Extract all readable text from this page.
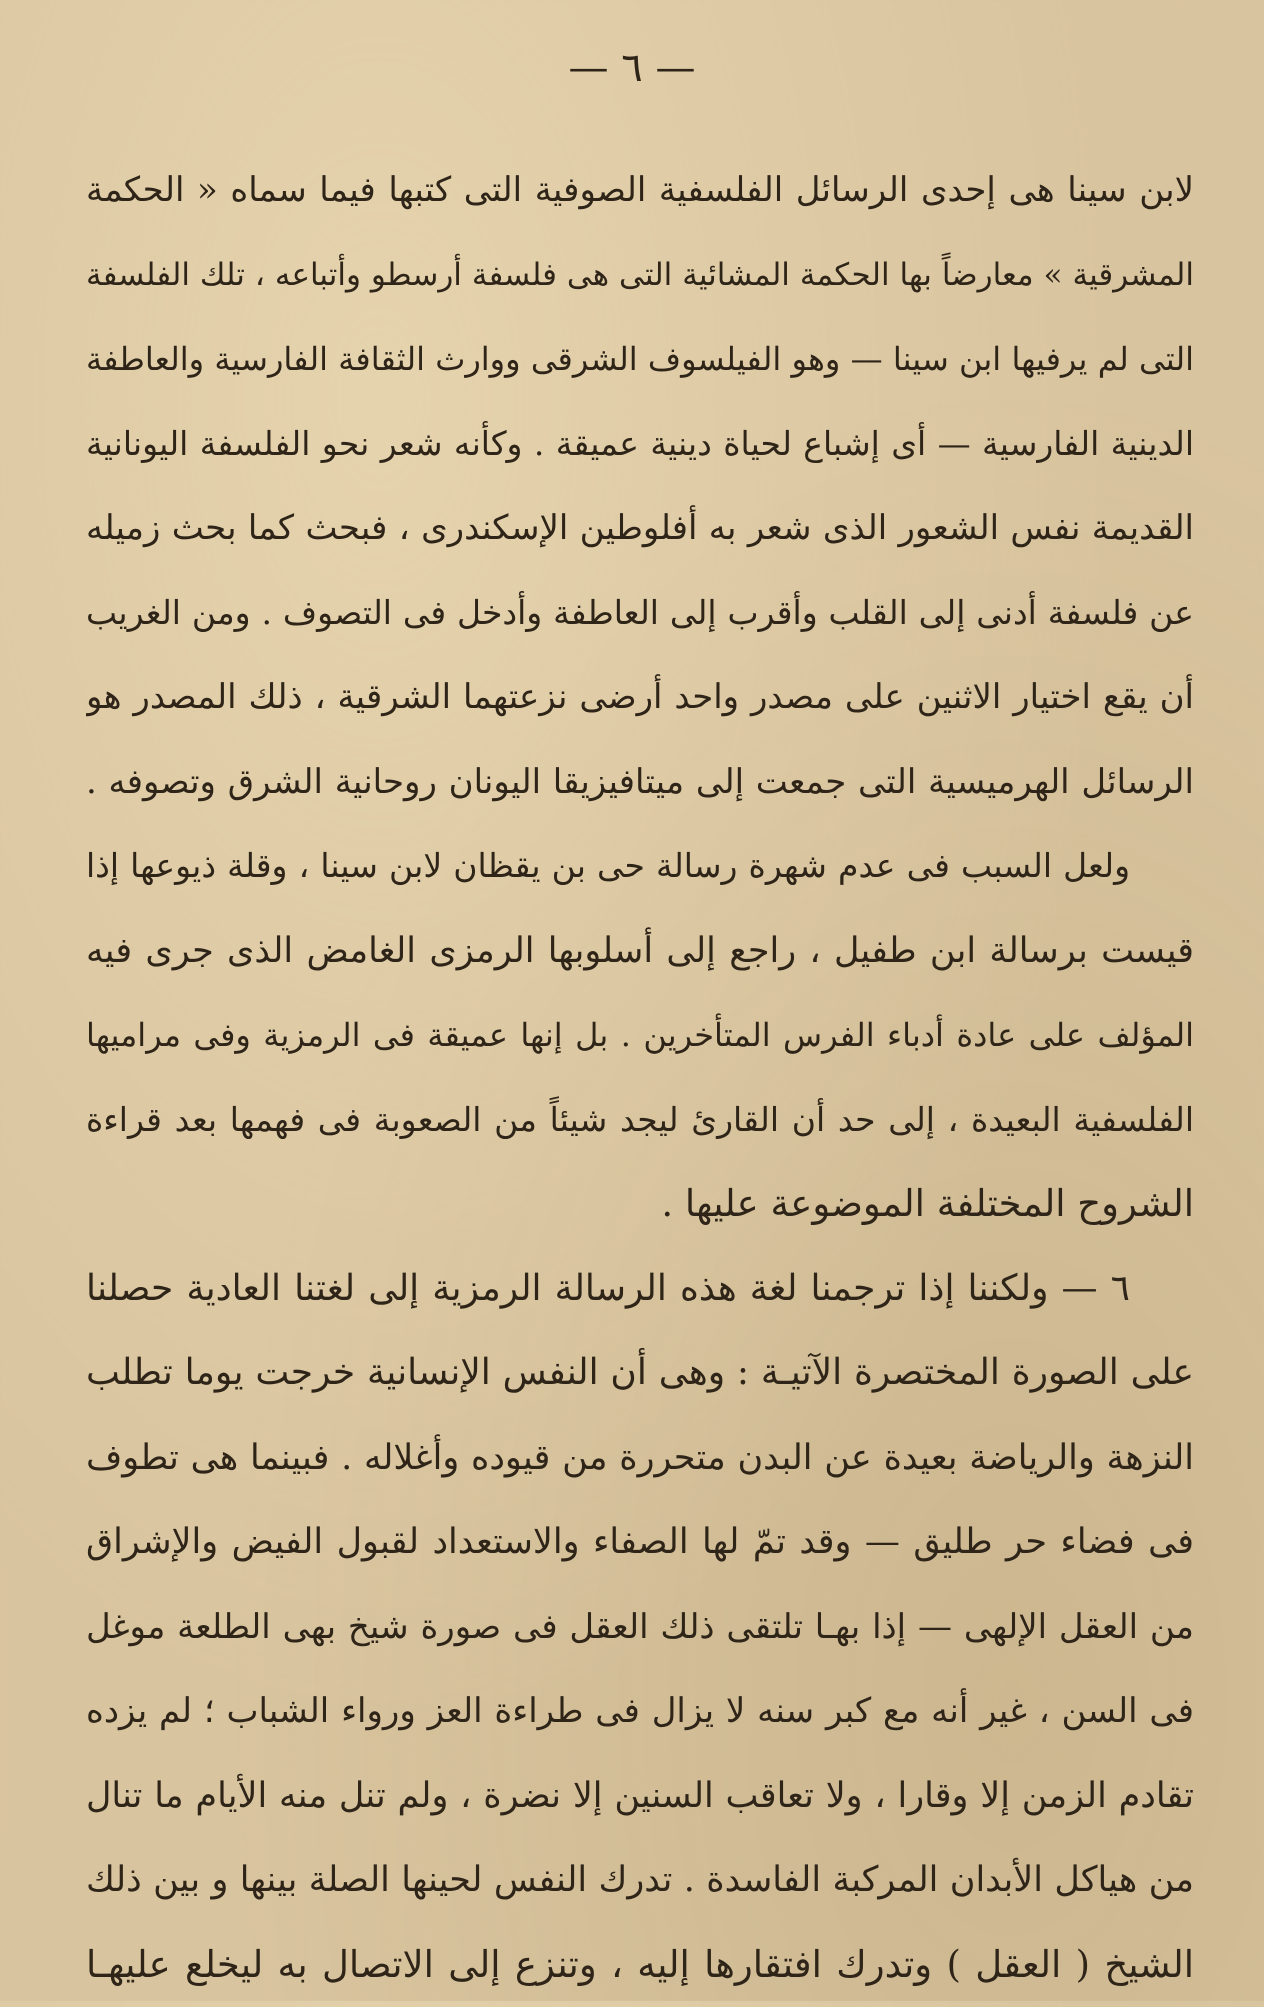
— ٦ —
لابن سينا هى إحدى الرسائل الفلسفية الصوفية التى كتبها فيما سماه « الحكمة
المشرقية » معارضاً بها الحكمة المشائية التى هى فلسفة أرسطو وأتباعه ، تلك الفلسفة
التى لم يرفيها ابن سينا — وهو الفيلسوف الشرقى ووارث الثقافة الفارسية والعاطفة
الدينية الفارسية — أى إشباع لحياة دينية عميقة . وكأنه شعر نحو الفلسفة اليونانية
القديمة نفس الشعور الذى شعر به أفلوطين الإسكندرى ، فبحث كما بحث زميله
عن فلسفة أدنى إلى القلب وأقرب إلى العاطفة وأدخل فى التصوف . ومن الغريب
أن يقع اختيار الاثنين على مصدر واحد أرضى نزعتهما الشرقية ، ذلك المصدر هو
الرسائل الهرميسية التى جمعت إلى ميتافيزيقا اليونان روحانية الشرق وتصوفه .
ولعل السبب فى عدم شهرة رسالة حى بن يقظان لابن سينا ، وقلة ذيوعها إذا
قيست برسالة ابن طفيل ، راجع إلى أسلوبها الرمزى الغامض الذى جرى فيه
المؤلف على عادة أدباء الفرس المتأخرين . بل إنها عميقة فى الرمزية وفى مراميها
الفلسفية البعيدة ، إلى حد أن القارئ ليجد شيئاً من الصعوبة فى فهمها بعد قراءة
الشروح المختلفة الموضوعة عليها .
٦ — ولكننا إذا ترجمنا لغة هذه الرسالة الرمزية إلى لغتنا العادية حصلنا
على الصورة المختصرة الآتيـة : وهى أن النفس الإنسانية خرجت يوما تطلب
النزهة والرياضة بعيدة عن البدن متحررة من قيوده وأغلاله . فبينما هى تطوف
فى فضاء حر طليق — وقد تمّ لها الصفاء والاستعداد لقبول الفيض والإشراق
من العقل الإلهى — إذا بهـا تلتقى ذلك العقل فى صورة شيخ بهى الطلعة موغل
فى السن ، غير أنه مع كبر سنه لا يزال فى طراءة العز ورواء الشباب ؛ لم يزده
تقادم الزمن إلا وقارا ، ولا تعاقب السنين إلا نضرة ، ولم تنل منه الأيام ما تنال
من هياكل الأبدان المركبة الفاسدة . تدرك النفس لحينها الصلة بينها و بين ذلك
الشيخ ( العقل ) وتدرك افتقارها إليه ، وتنزع إلى الاتصال به ليخلع عليهـا
